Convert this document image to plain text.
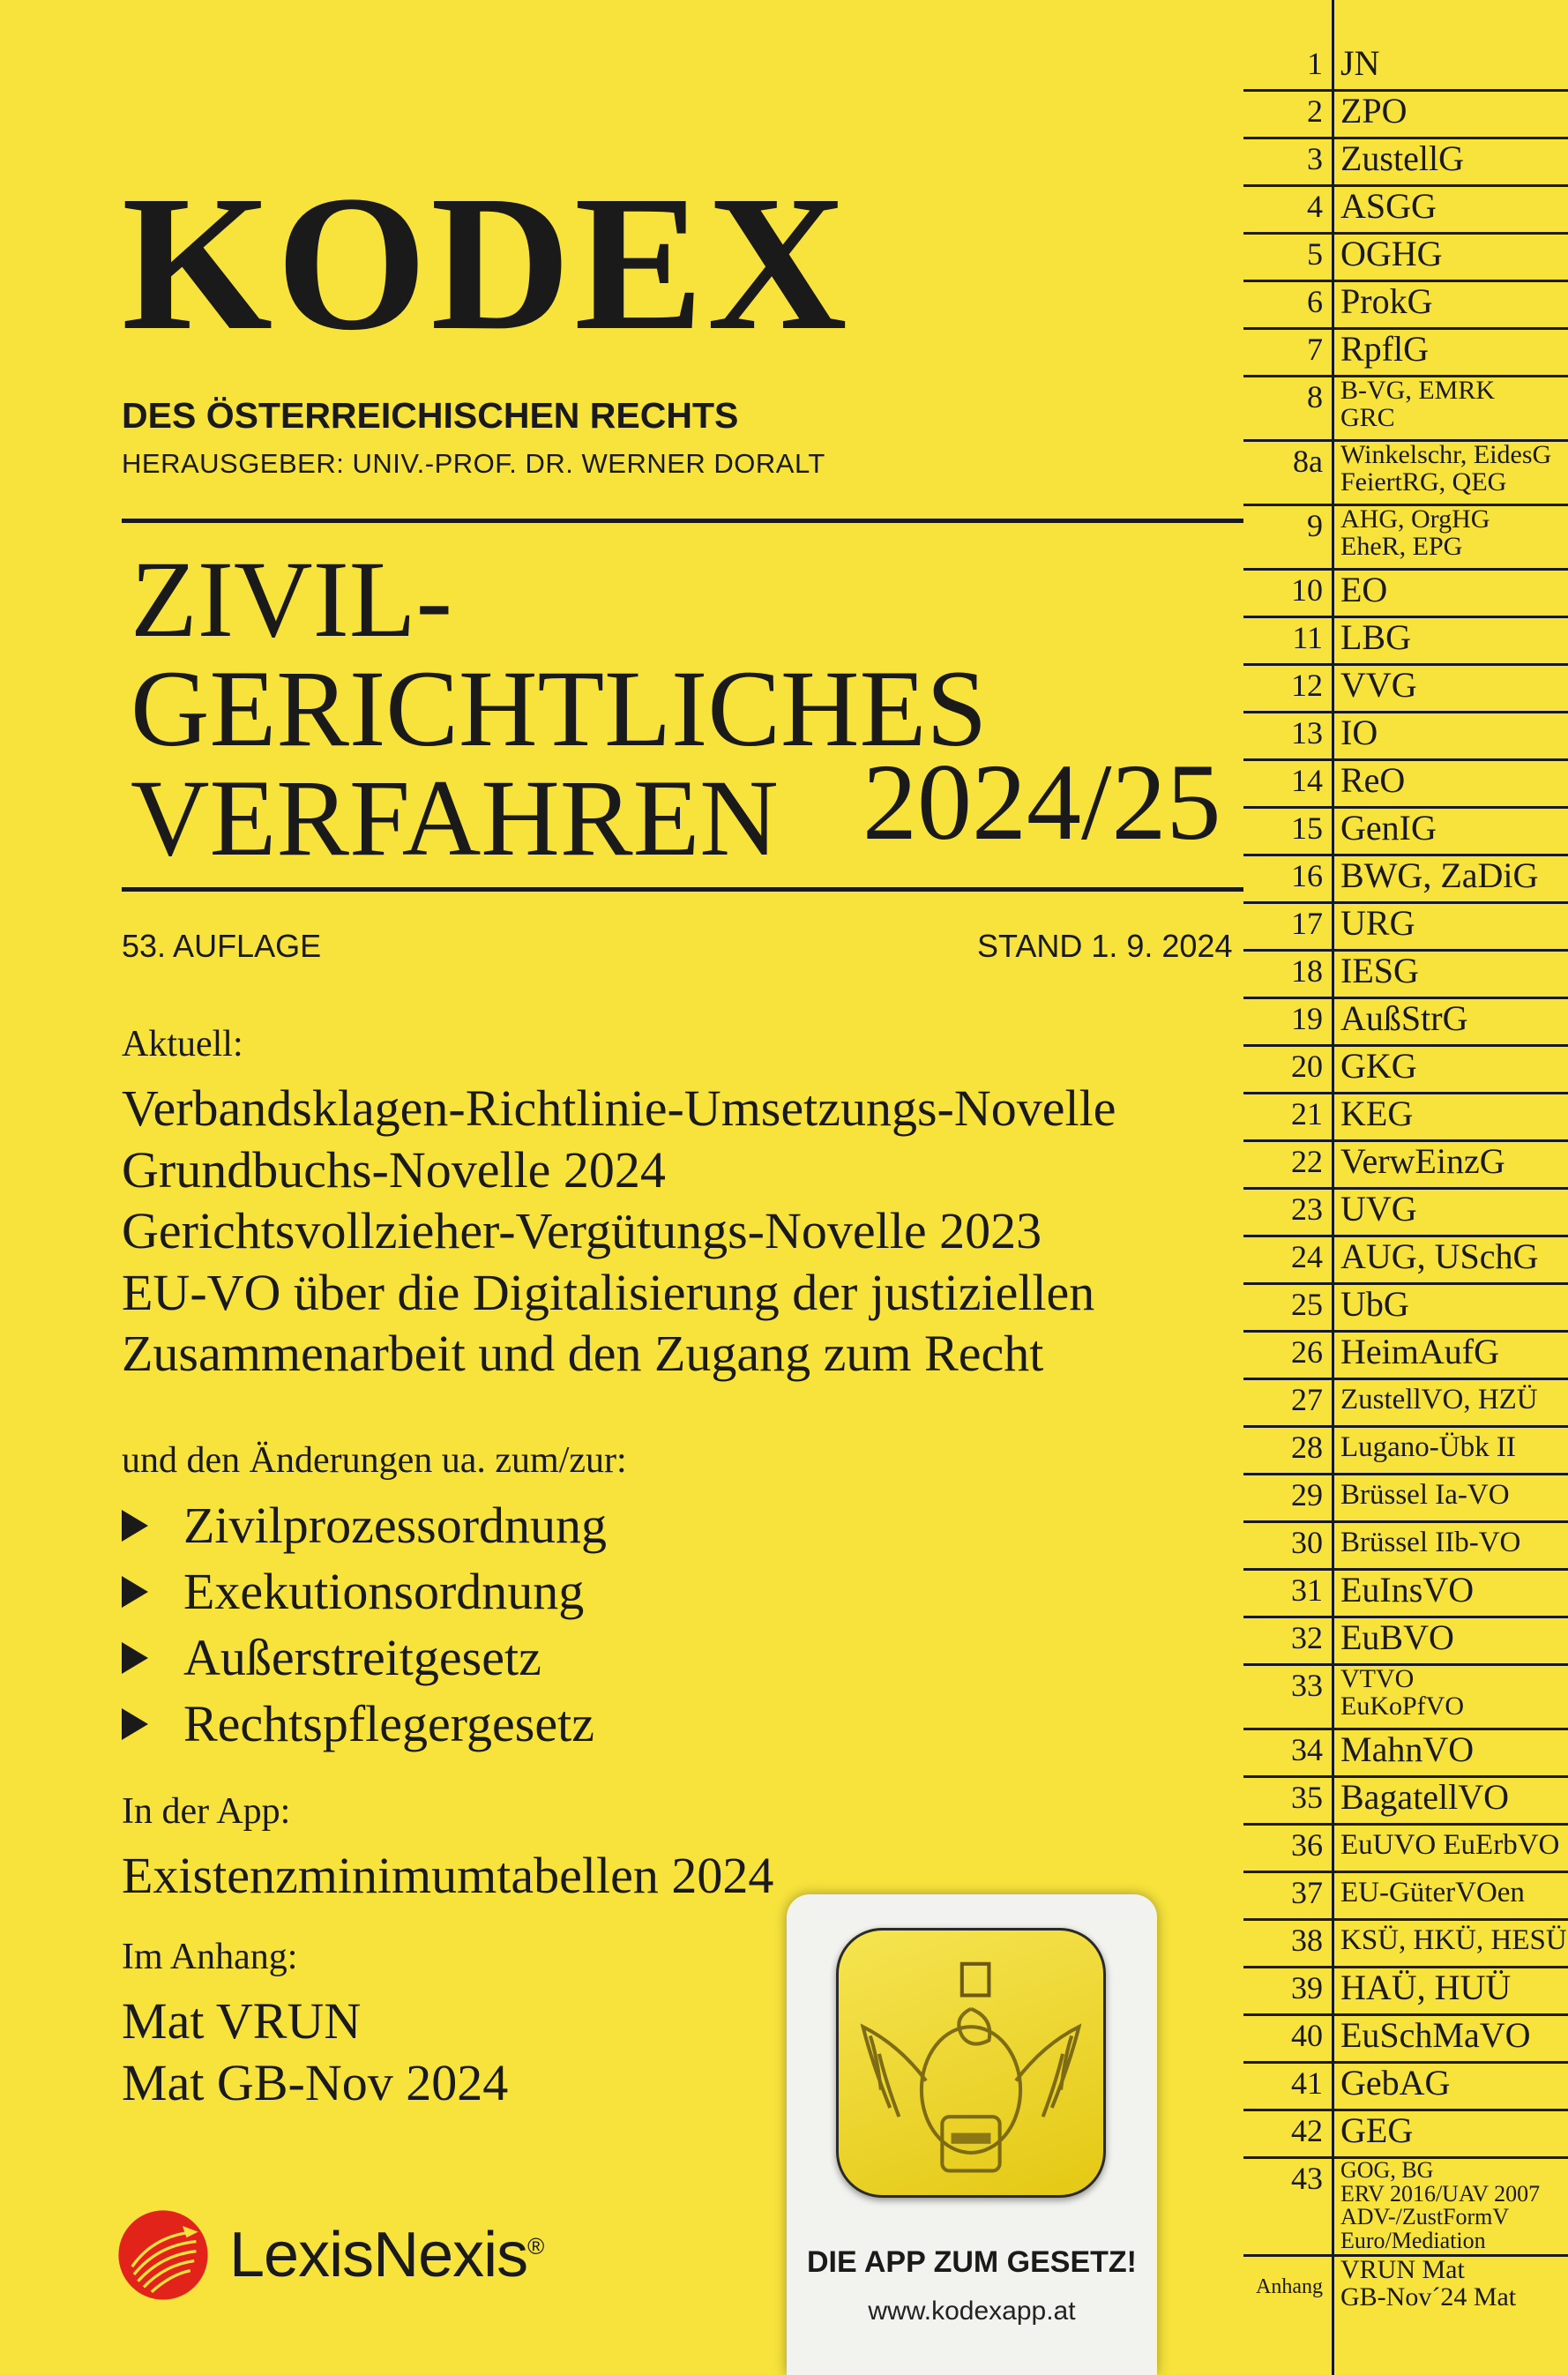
KODEX
DES ÖSTERREICHISCHEN RECHTS
HERAUSGEBER: UNIV.-PROF. DR. WERNER DORALT
ZIVIL-
GERICHTLICHES
VERFAHREN 2024/25
53. AUFLAGE	STAND 1. 9. 2024
Aktuell:
Verbandsklagen-Richtlinie-Umsetzungs-Novelle
Grundbuchs-Novelle 2024
Gerichtsvollzieher-Vergütungs-Novelle 2023
EU-VO über die Digitalisierung der justiziellen
Zusammenarbeit und den Zugang zum Recht
und den Änderungen ua. zum/zur:
Zivilprozessordnung
Exekutionsordnung
Außerstreitgesetz
Rechtspflegergesetz
In der App:
Existenzminimumtabellen 2024
Im Anhang:
Mat VRUN
Mat GB-Nov 2024
LexisNexis®	DIE APP ZUM GESETZ!
www.kodexapp.at
1 JN
2 ZPO
3 ZustellG
4 ASGG
5 OGHG
6 ProkG
7 RpflG
8 B-VG, EMRK
GRC
8a Winkelschr, EidesG
FeiertRG, QEG
9 AHG, OrgHG
EheR, EPG
10 EO
11 LBG
12 VVG
13 IO
14 ReO
15 GenIG
16 BWG, ZaDiG
17 URG
18 IESG
19 AußStrG
20 GKG
21 KEG
22 VerwEinzG
23 UVG
24 AUG, USchG
25 UbG
26 HeimAufG
27 ZustellVO, HZÜ
28 Lugano-Übk II
29 Brüssel Ia-VO
30 Brüssel IIb-VO
31 EuInsVO
32 EuBVO
33 VTVO
EuKoPfVO
34 MahnVO
35 BagatellVO
36 EuUVO EuErbVO
37 EU-GüterVOen
38 KSÜ, HKÜ, HESÜ
39 HAÜ, HUÜ
40 EuSchMaVO
41 GebAG
42 GEG
43 GOG, BG
ERV 2016/UAV 2007
ADV-/ZustFormV
Euro/Mediation
Anhang
VRUN Mat
GB-Nov´24 Mat
